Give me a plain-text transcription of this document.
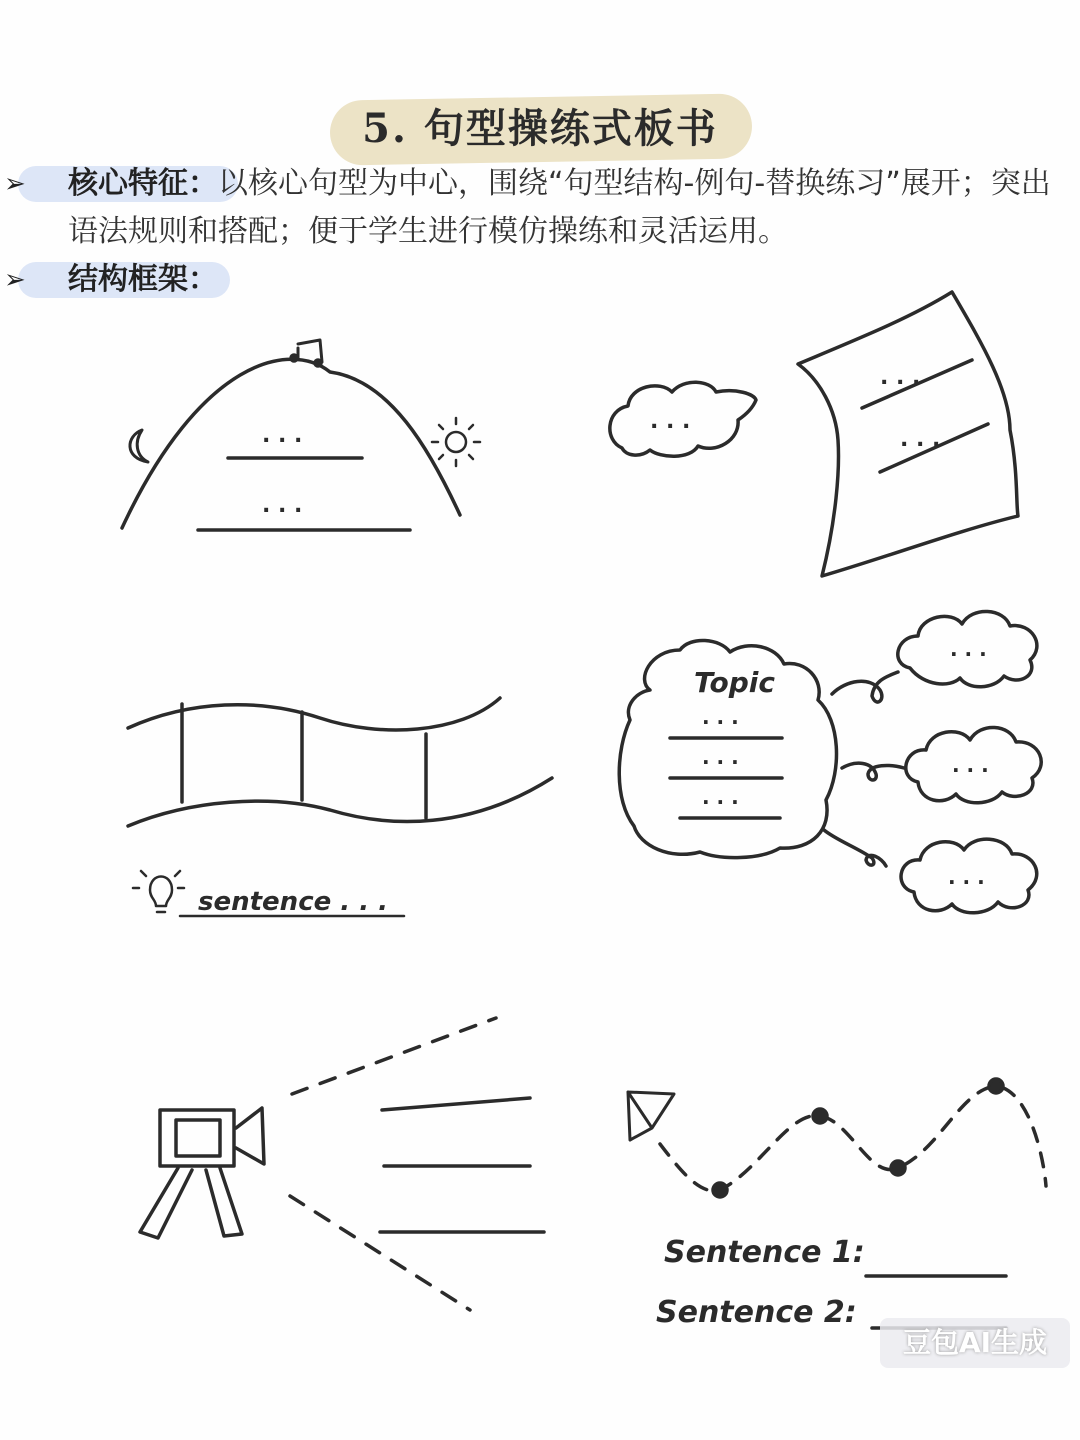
5. 句型操练式板书
➢ 核心特征：以核心句型为中心，围绕“句型结构-例句-替换练习”展开；突出语法规则和搭配；便于学生进行模仿操练和灵活运用。
➢ 结构框架：
. . .
. . .
. . .
. . .
. . .
sentence . . .
Topic
. . .
. . .
. . .
. . .
. . .
. . .
Sentence 1:
Sentence 2:
豆包AI生成
